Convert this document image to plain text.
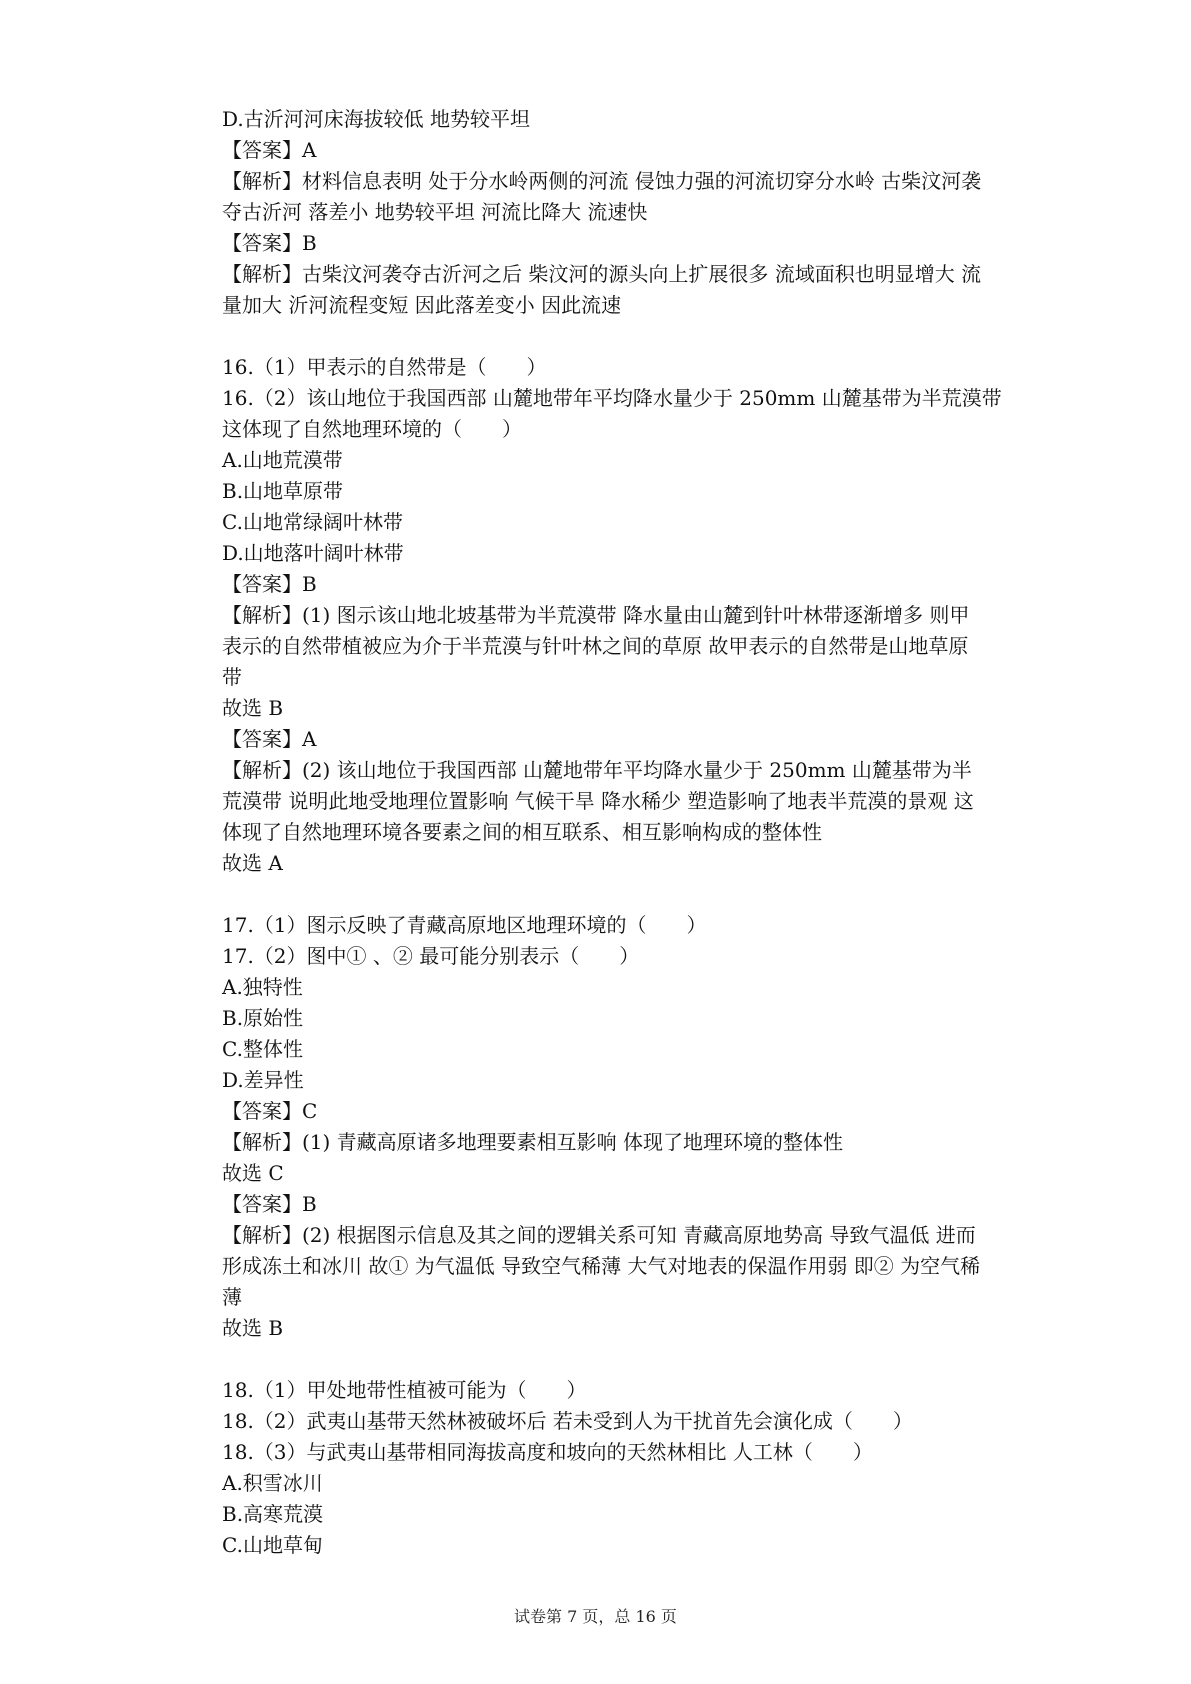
D.古沂河河床海拔较低 地势较平坦
【答案】A
【解析】材料信息表明 处于分水岭两侧的河流 侵蚀力强的河流切穿分水岭 古柴汶河袭
夺古沂河 落差小 地势较平坦 河流比降大 流速快
【答案】B
【解析】古柴汶河袭夺古沂河之后 柴汶河的源头向上扩展很多 流域面积也明显增大 流
量加大 沂河流程变短 因此落差变小 因此流速
16.（1）甲表示的自然带是（　　）
16.（2）该山地位于我国西部 山麓地带年平均降水量少于 250mm 山麓基带为半荒漠带
这体现了自然地理环境的（　　）
A.山地荒漠带
B.山地草原带
C.山地常绿阔叶林带
D.山地落叶阔叶林带
【答案】B
【解析】(1) 图示该山地北坡基带为半荒漠带 降水量由山麓到针叶林带逐渐增多 则甲
表示的自然带植被应为介于半荒漠与针叶林之间的草原 故甲表示的自然带是山地草原
带
故选 B
【答案】A
【解析】(2) 该山地位于我国西部 山麓地带年平均降水量少于 250mm 山麓基带为半
荒漠带 说明此地受地理位置影响 气候干旱 降水稀少 塑造影响了地表半荒漠的景观 这
体现了自然地理环境各要素之间的相互联系、相互影响构成的整体性
故选 A
17.（1）图示反映了青藏高原地区地理环境的（　　）
17.（2）图中① 、② 最可能分别表示（　　）
A.独特性
B.原始性
C.整体性
D.差异性
【答案】C
【解析】(1) 青藏高原诸多地理要素相互影响 体现了地理环境的整体性
故选 C
【答案】B
【解析】(2) 根据图示信息及其之间的逻辑关系可知 青藏高原地势高 导致气温低 进而
形成冻土和冰川 故① 为气温低 导致空气稀薄 大气对地表的保温作用弱 即② 为空气稀
薄
故选 B
18.（1）甲处地带性植被可能为（　　）
18.（2）武夷山基带天然林被破坏后 若未受到人为干扰首先会演化成（　　）
18.（3）与武夷山基带相同海拔高度和坡向的天然林相比 人工林（　　）
A.积雪冰川
B.高寒荒漠
C.山地草甸
试卷第 7 页，总 16 页
